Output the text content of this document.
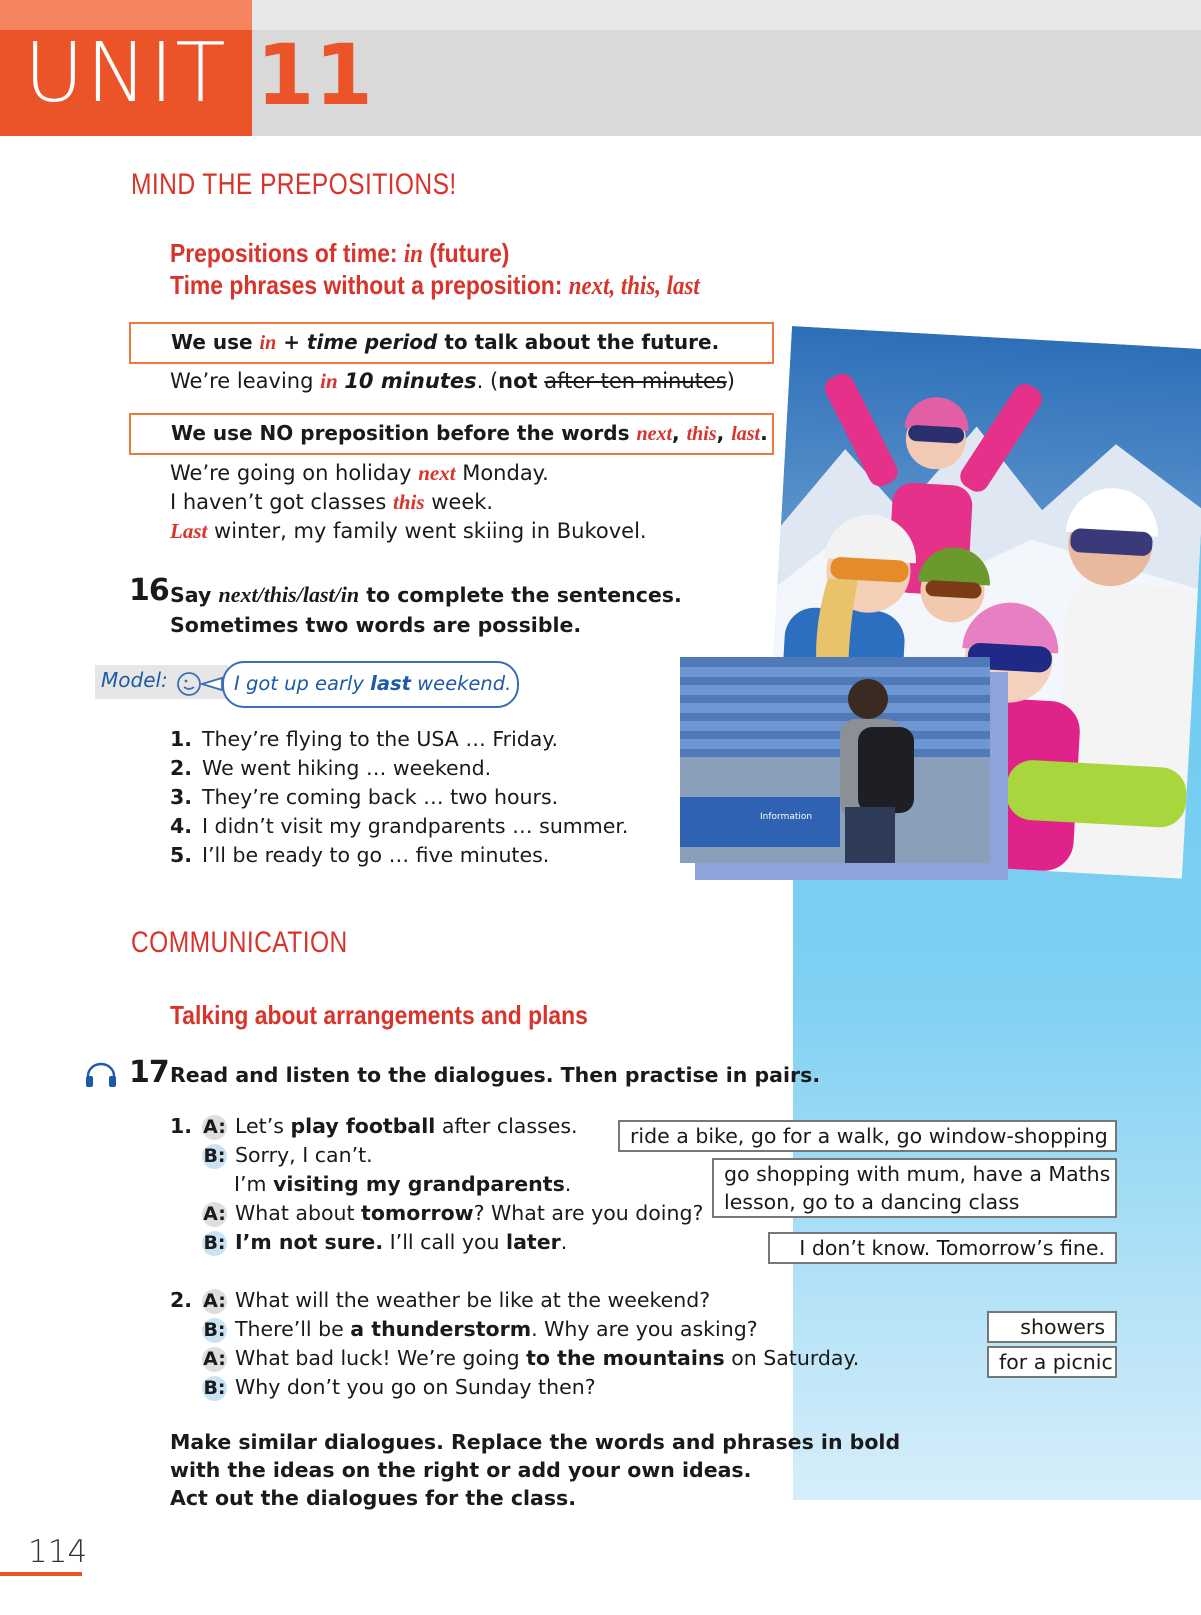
UNIT 11
Information
MIND THE PREPOSITIONS!
Prepositions of time: in (future)
Time phrases without a preposition: next, this, last
We use in + time period to talk about the future.
We’re leaving in 10 minutes. (not after ten minutes)
We use NO preposition before the words next, this, last.
We’re going on holiday next Monday.
I haven’t got classes this week.
Last winter, my family went skiing in Bukovel.
16 Say next/this/last/in to complete the sentences.
Sometimes two words are possible.
Model:	I got up early last weekend.
1. They’re flying to the USA … Friday.
2. We went hiking … weekend.
3. They’re coming back … two hours.
4. I didn’t visit my grandparents … summer.
5. I’ll be ready to go … five minutes.
COMMUNICATION
Talking about arrangements and plans
17 Read and listen to the dialogues. Then practise in pairs.
1. A: Let’s play football after classes.
B: Sorry, I can’t.
I’m visiting my grandparents.
A: What about tomorrow? What are you doing?
B: I’m not sure. I’ll call you later.
2. A: What will the weather be like at the weekend?
B: There’ll be a thunderstorm. Why are you asking?
A: What bad luck! We’re going to the mountains on Saturday.
B: Why don’t you go on Sunday then?
ride a bike, go for a walk, go window-shopping
go shopping with mum, have a Maths
lesson, go to a dancing class
I don’t know. Tomorrow’s fine.
showers
for a picnic
Make similar dialogues. Replace the words and phrases in bold
with the ideas on the right or add your own ideas.
Act out the dialogues for the class.
114
